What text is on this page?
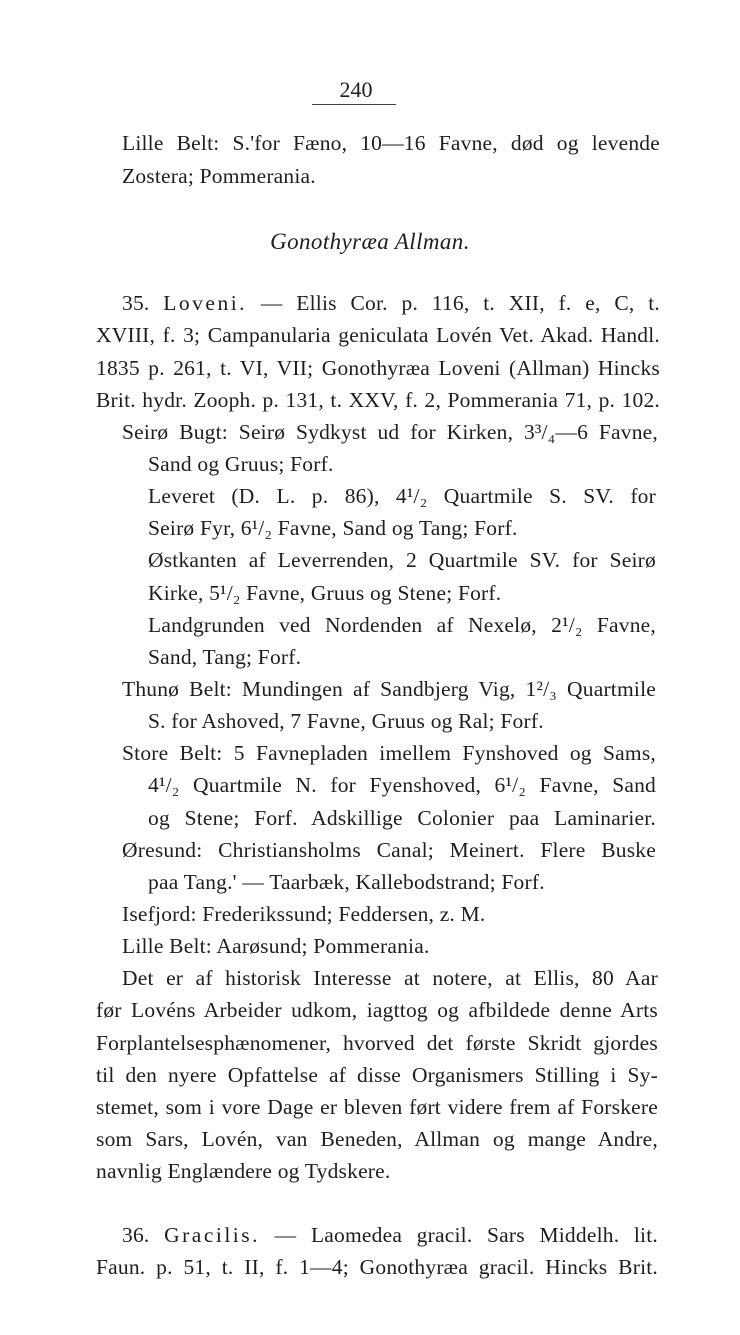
240
Lille Belt: S.'for Fæno, 10—16 Favne, død og levende
Zostera; Pommerania.
Gonothyræa Allman.
35. Loveni. — Ellis Cor. p. 116, t. XII, f. e, C, t.
XVIII, f. 3; Campanularia geniculata Lovén Vet. Akad. Handl.
1835 p. 261, t. VI, VII; Gonothyræa Loveni (Allman) Hincks
Brit. hydr. Zooph. p. 131, t. XXV, f. 2, Pommerania 71, p. 102.
Seirø Bugt: Seirø Sydkyst ud for Kirken, 3³/₄—6 Favne,
Sand og Gruus; Forf.
Leveret (D. L. p. 86), 4¹/₂ Quartmile S. SV. for
Seirø Fyr, 6¹/₂ Favne, Sand og Tang; Forf.
Østkanten af Leverrenden, 2 Quartmile SV. for Seirø
Kirke, 5¹/₂ Favne, Gruus og Stene; Forf.
Landgrunden ved Nordenden af Nexelø, 2¹/₂ Favne,
Sand, Tang; Forf.
Thunø Belt: Mundingen af Sandbjerg Vig, 1²/₃ Quartmile
S. for Ashoved, 7 Favne, Gruus og Ral; Forf.
Store Belt: 5 Favnepladen imellem Fynshoved og Sams,
4¹/₂ Quartmile N. for Fyenshoved, 6¹/₂ Favne, Sand
og Stene; Forf. Adskillige Colonier paa Laminarier.
Øresund: Christiansholms Canal; Meinert. Flere Buske
paa Tang.' — Taarbæk, Kallebodstrand; Forf.
Isefjord: Frederikssund; Feddersen, z. M.
Lille Belt: Aarøsund; Pommerania.
Det er af historisk Interesse at notere, at Ellis, 80 Aar
før Lovéns Arbeider udkom, iagttog og afbildede denne Arts
Forplantelsesphænomener, hvorved det første Skridt gjordes
til den nyere Opfattelse af disse Organismers Stilling i Sy-
stemet, som i vore Dage er bleven ført videre frem af Forskere
som Sars, Lovén, van Beneden, Allman og mange Andre,
navnlig Englændere og Tydskere.
36. Gracilis. — Laomedea gracil. Sars Middelh. lit.
Faun. p. 51, t. II, f. 1—4; Gonothyræa gracil. Hincks Brit.
